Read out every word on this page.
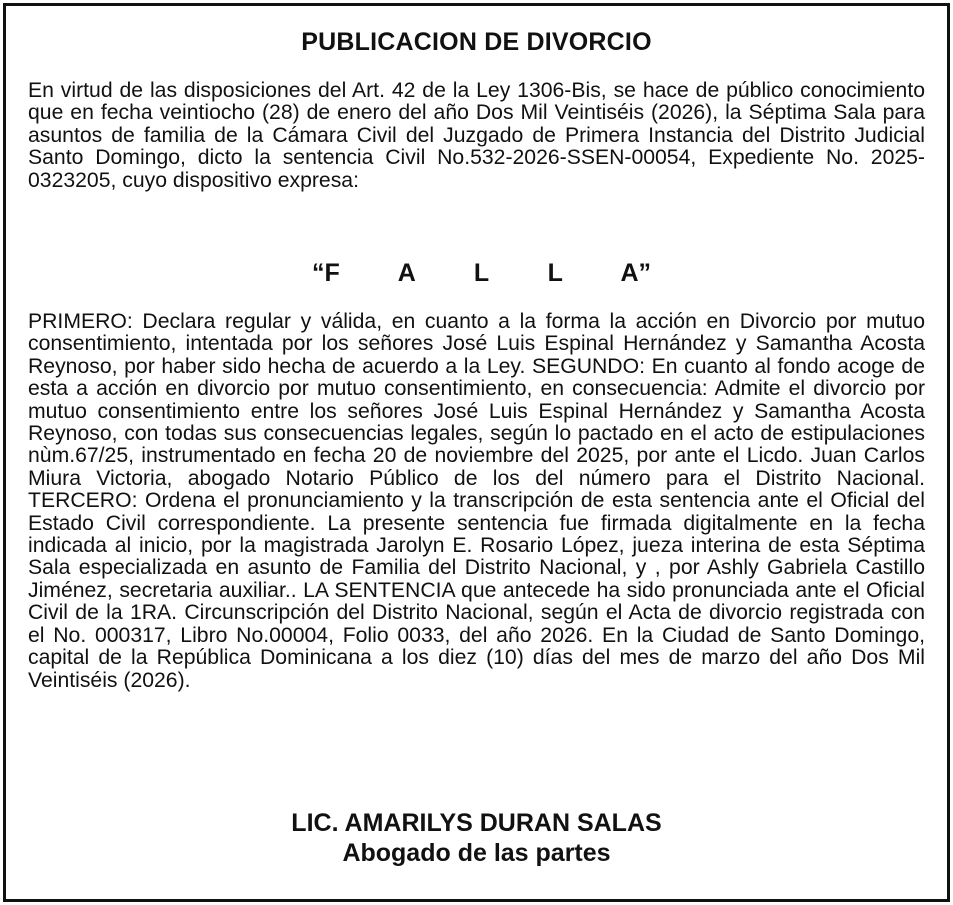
PUBLICACION DE DIVORCIO

En virtud de las disposiciones del Art. 42 de la Ley 1306-Bis, se hace de público conocimiento que en fecha veintiocho (28) de enero del año Dos Mil Veintiséis (2026), la Séptima Sala para asuntos de familia de la Cámara Civil del Juzgado de Primera Instancia del Distrito Judicial Santo Domingo, dicto la sentencia Civil No.532-2026-SSEN-00054, Expediente No. 2025-0323205, cuyo dispositivo expresa:

“F A L L A”

PRIMERO: Declara regular y válida, en cuanto a la forma la acción en Divorcio por mutuo consentimiento, intentada por los señores José Luis Espinal Hernández y Samantha Acosta Reynoso, por haber sido hecha de acuerdo a la Ley. SEGUNDO: En cuanto al fondo acoge de esta a acción en divorcio por mutuo consentimiento, en consecuencia: Admite el divorcio por mutuo consentimiento entre los señores José Luis Espinal Hernández y Samantha Acosta Reynoso, con todas sus consecuencias legales, según lo pactado en el acto de estipulaciones nùm.67/25, instrumentado en fecha 20 de noviembre del 2025, por ante el Licdo. Juan Carlos Miura Victoria, abogado Notario Público de los del número para el Distrito Nacional. TERCERO: Ordena el pronunciamiento y la transcripción de esta sentencia ante el Oficial del Estado Civil correspondiente. La presente sentencia fue firmada digitalmente en la fecha indicada al inicio, por la magistrada Jarolyn E. Rosario López, jueza interina de esta Séptima Sala especializada en asunto de Familia del Distrito Nacional, y , por Ashly Gabriela Castillo Jiménez, secretaria auxiliar.. LA SENTENCIA que antecede ha sido pronunciada ante el Oficial Civil de la 1RA. Circunscripción del Distrito Nacional, según el Acta de divorcio registrada con el No. 000317, Libro No.00004, Folio 0033, del año 2026. En la Ciudad de Santo Domingo, capital de la República Dominicana a los diez (10) días del mes de marzo del año Dos Mil Veintiséis (2026).

LIC. AMARILYS DURAN SALAS
Abogado de las partes
